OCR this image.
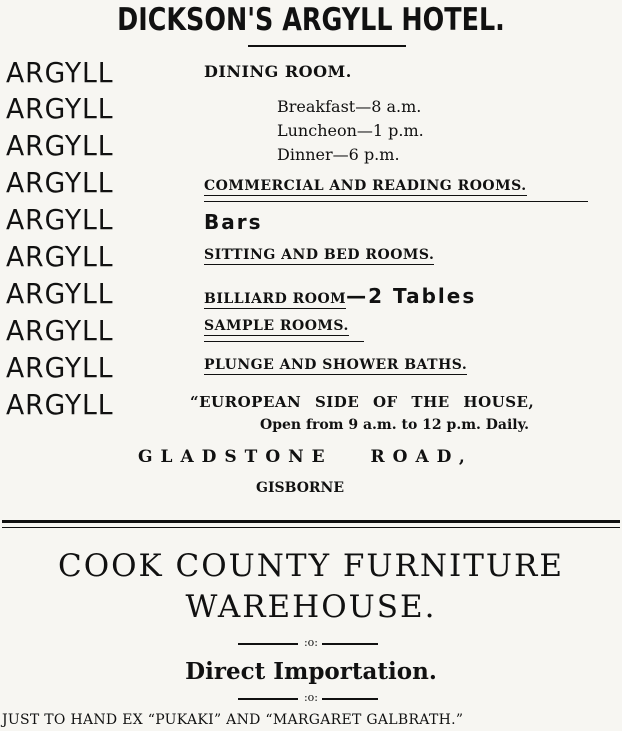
DICKSON'S ARGYLL HOTEL.
ARGYLL
ARGYLL
ARGYLL
ARGYLL
ARGYLL
ARGYLL
ARGYLL
ARGYLL
ARGYLL
ARGYLL
DINING ROOM.
Breakfast—8 a.m.
Luncheon—1 p.m.
Dinner—6 p.m.
COMMERCIAL AND READING ROOMS.
Bars
SITTING AND BED ROOMS.
BILLIARD ROOM—2 Tables
SAMPLE ROOMS.
PLUNGE AND SHOWER BATHS.
“EUROPEAN SIDE OF THE HOUSE,
Open from 9 a.m. to 12 p.m. Daily.
GLADSTONE ROAD,
GISBORNE
COOK COUNTY FURNITURE
WAREHOUSE.
:o:
Direct Importation.
:o:
JUST TO HAND EX “PUKAKI” AND “MARGARET GALBRATH.”
